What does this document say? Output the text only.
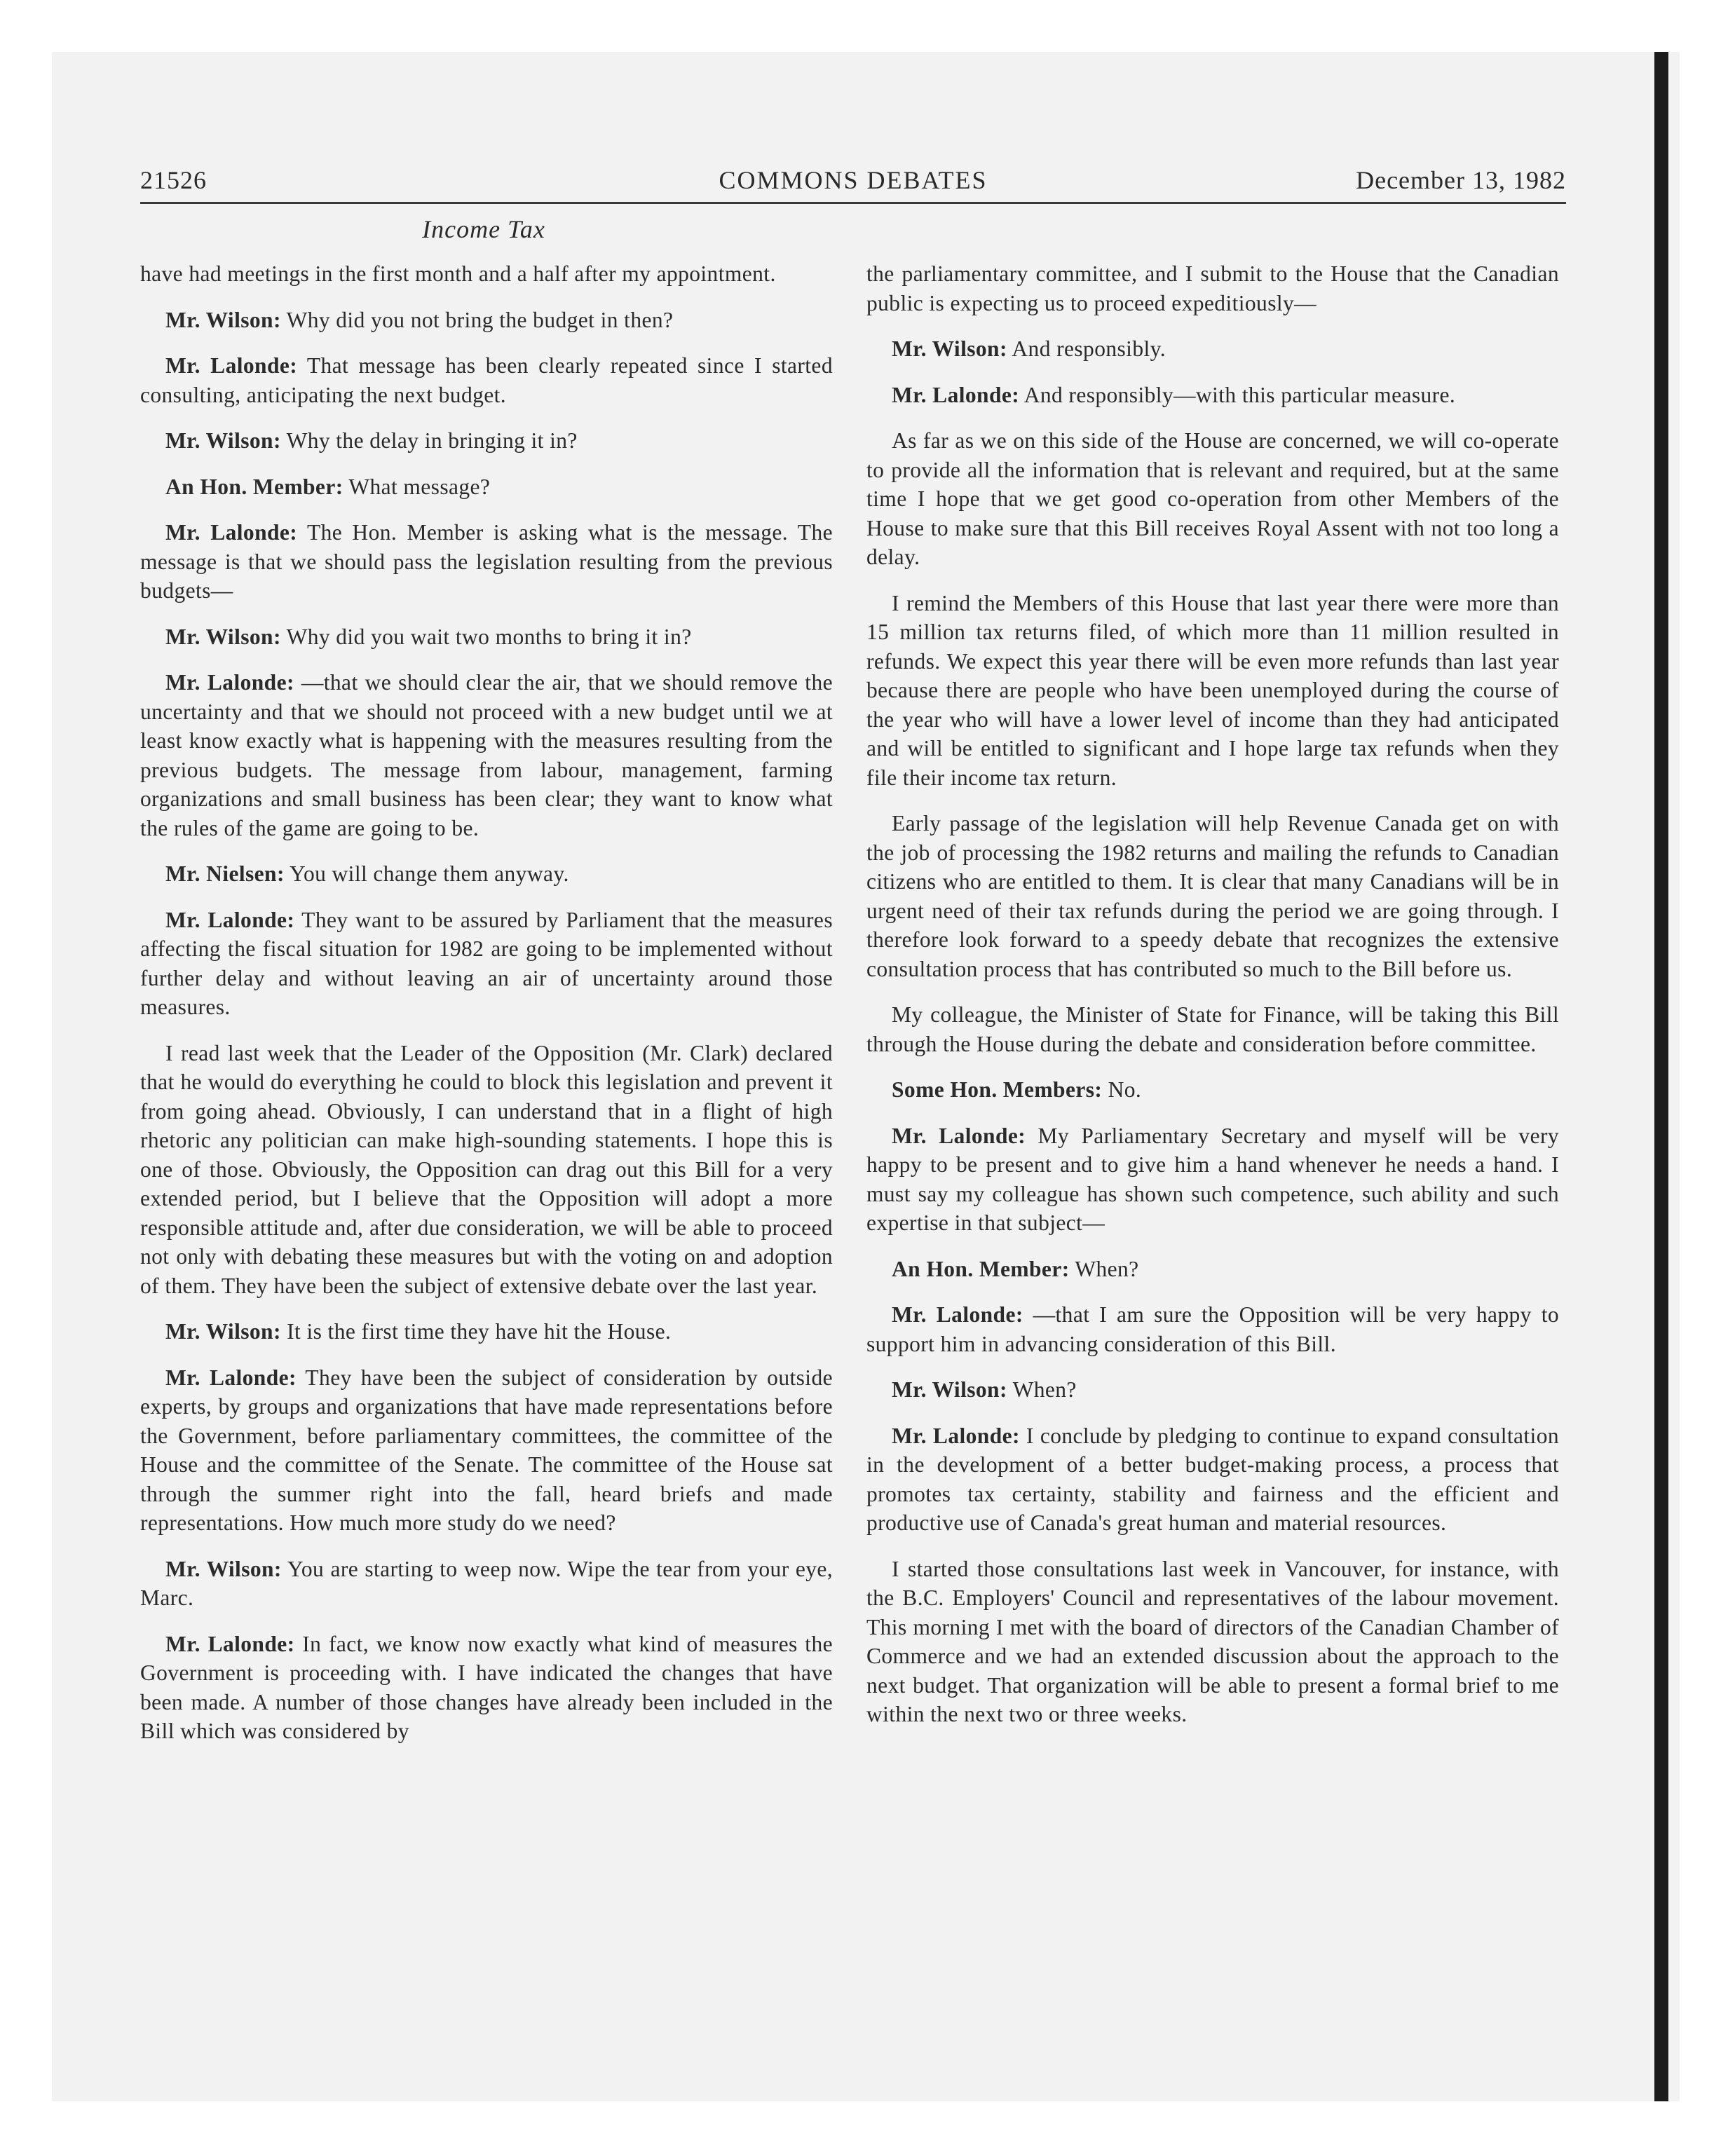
21526	COMMONS DEBATES	December 13, 1982
Income Tax

have had meetings in the first month and a half after my appointment.

Mr. Wilson: Why did you not bring the budget in then?

Mr. Lalonde: That message has been clearly repeated since I started consulting, anticipating the next budget.

Mr. Wilson: Why the delay in bringing it in?

An Hon. Member: What message?

Mr. Lalonde: The Hon. Member is asking what is the message. The message is that we should pass the legislation resulting from the previous budgets—

Mr. Wilson: Why did you wait two months to bring it in?

Mr. Lalonde: —that we should clear the air, that we should remove the uncertainty and that we should not proceed with a new budget until we at least know exactly what is happening with the measures resulting from the previous budgets. The message from labour, management, farming organizations and small business has been clear; they want to know what the rules of the game are going to be.

Mr. Nielsen: You will change them anyway.

Mr. Lalonde: They want to be assured by Parliament that the measures affecting the fiscal situation for 1982 are going to be implemented without further delay and without leaving an air of uncertainty around those measures.

I read last week that the Leader of the Opposition (Mr. Clark) declared that he would do everything he could to block this legislation and prevent it from going ahead. Obviously, I can understand that in a flight of high rhetoric any politician can make high-sounding statements. I hope this is one of those. Obviously, the Opposition can drag out this Bill for a very extended period, but I believe that the Opposition will adopt a more responsible attitude and, after due consideration, we will be able to proceed not only with debating these measures but with the voting on and adoption of them. They have been the subject of extensive debate over the last year.

Mr. Wilson: It is the first time they have hit the House.

Mr. Lalonde: They have been the subject of consideration by outside experts, by groups and organizations that have made representations before the Government, before parliamentary committees, the committee of the House and the committee of the Senate. The committee of the House sat through the summer right into the fall, heard briefs and made representations. How much more study do we need?

Mr. Wilson: You are starting to weep now. Wipe the tear from your eye, Marc.

Mr. Lalonde: In fact, we know now exactly what kind of measures the Government is proceeding with. I have indicated the changes that have been made. A number of those changes have already been included in the Bill which was considered by

the parliamentary committee, and I submit to the House that the Canadian public is expecting us to proceed expeditiously—

Mr. Wilson: And responsibly.

Mr. Lalonde: And responsibly—with this particular measure.

As far as we on this side of the House are concerned, we will co-operate to provide all the information that is relevant and required, but at the same time I hope that we get good co-operation from other Members of the House to make sure that this Bill receives Royal Assent with not too long a delay.

I remind the Members of this House that last year there were more than 15 million tax returns filed, of which more than 11 million resulted in refunds. We expect this year there will be even more refunds than last year because there are people who have been unemployed during the course of the year who will have a lower level of income than they had anticipated and will be entitled to significant and I hope large tax refunds when they file their income tax return.

Early passage of the legislation will help Revenue Canada get on with the job of processing the 1982 returns and mailing the refunds to Canadian citizens who are entitled to them. It is clear that many Canadians will be in urgent need of their tax refunds during the period we are going through. I therefore look forward to a speedy debate that recognizes the extensive consultation process that has contributed so much to the Bill before us.

My colleague, the Minister of State for Finance, will be taking this Bill through the House during the debate and consideration before committee.

Some Hon. Members: No.

Mr. Lalonde: My Parliamentary Secretary and myself will be very happy to be present and to give him a hand whenever he needs a hand. I must say my colleague has shown such competence, such ability and such expertise in that subject—

An Hon. Member: When?

Mr. Lalonde: —that I am sure the Opposition will be very happy to support him in advancing consideration of this Bill.

Mr. Wilson: When?

Mr. Lalonde: I conclude by pledging to continue to expand consultation in the development of a better budget-making process, a process that promotes tax certainty, stability and fairness and the efficient and productive use of Canada's great human and material resources.

I started those consultations last week in Vancouver, for instance, with the B.C. Employers' Council and representatives of the labour movement. This morning I met with the board of directors of the Canadian Chamber of Commerce and we had an extended discussion about the approach to the next budget. That organization will be able to present a formal brief to me within the next two or three weeks.
